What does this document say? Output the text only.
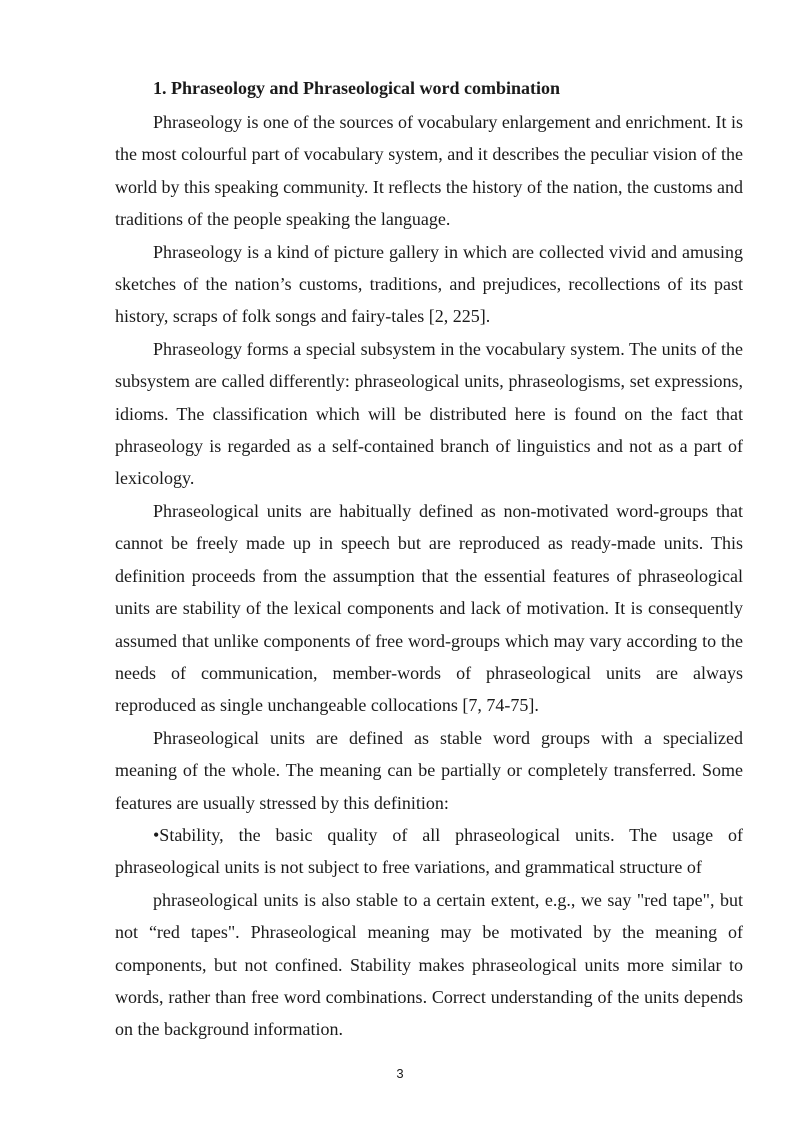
1. Phraseology and Phraseological word combination

Phraseology is one of the sources of vocabulary enlargement and enrichment. It is the most colourful part of vocabulary system, and it describes the peculiar vision of the world by this speaking community. It reflects the history of the nation, the customs and traditions of the people speaking the language.

Phraseology is a kind of picture gallery in which are collected vivid and amusing sketches of the nation’s customs, traditions, and prejudices, recollections of its past history, scraps of folk songs and fairy-tales [2, 225].

Phraseology forms a special subsystem in the vocabulary system. The units of the subsystem are called differently: phraseological units, phraseologisms, set expressions, idioms. The classification which will be distributed here is found on the fact that phraseology is regarded as a self-contained branch of linguistics and not as a part of lexicology.

Phraseological units are habitually defined as non-motivated word-groups that cannot be freely made up in speech but are reproduced as ready-made units. This definition proceeds from the assumption that the essential features of phraseological units are stability of the lexical components and lack of motivation. It is consequently assumed that unlike components of free word-groups which may vary according to the needs of communication, member-words of phraseological units are always reproduced as single unchangeable collocations [7, 74-75].

Phraseological units are defined as stable word groups with a specialized meaning of the whole. The meaning can be partially or completely transferred. Some features are usually stressed by this definition:

•Stability, the basic quality of all phraseological units. The usage of phraseological units is not subject to free variations, and grammatical structure of

phraseological units is also stable to a certain extent, e.g., we say "red tape", but not “red tapes". Phraseological meaning may be motivated by the meaning of components, but not confined. Stability makes phraseological units more similar to words, rather than free word combinations. Correct understanding of the units depends on the background information.

3
